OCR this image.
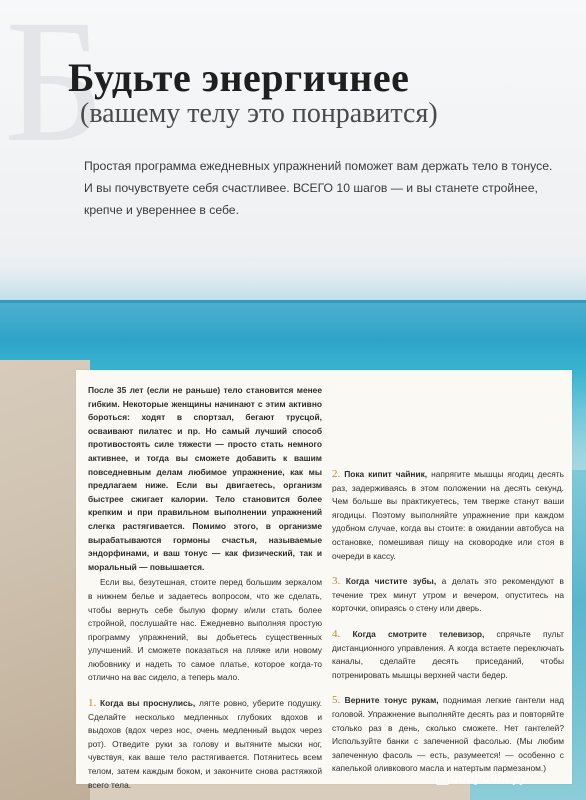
Б
Будьте энергичнее
(вашему телу это понравится)
Простая программа ежедневных упражнений поможет вам держать тело в тонусе.
И вы почувствуете себя счастливее. ВСЕГО 10 шагов — и вы станете стройнее,
крепче и увереннее в себе.

После 35 лет (если не раньше) тело становится менее гибким. Некоторые женщины начинают с этим активно бороться: ходят в спортзал, бегают трусцой, осваивают пилатес и пр. Но самый лучший способ противостоять силе тяжести — просто стать немного активнее, и тогда вы сможете добавить к вашим повседневным делам любимое упражнение, как мы предлагаем ниже. Если вы двигаетесь, организм быстрее сжигает калории. Тело становится более крепким и при правильном выполнении упражнений слегка растягивается. Помимо этого, в организме вырабатываются гормоны счастья, называемые эндорфинами, и ваш тонус — как физический, так и моральный — повышается.

Если вы, безутешная, стоите перед большим зеркалом в нижнем белье и задаетесь вопросом, что же сделать, чтобы вернуть себе былую форму и/или стать более стройной, послушайте нас. Ежедневно выполняя простую программу упражнений, вы добьетесь существенных улучшений. И сможете показаться на пляже или новому любовнику и надеть то самое платье, которое когда-то отлично на вас сидело, а теперь мало.

1. Когда вы проснулись, лягте ровно, уберите подушку. Сделайте несколько медленных глубоких вдохов и выдохов (вдох через нос, очень медленный выдох через рот). Отведите руки за голову и вытяните мыски ног, чувствуя, как ваше тело растягивается. Потянитесь всем телом, затем каждым боком, и закончите снова растяжкой всего тела.

2. Пока кипит чайник, напрягите мышцы ягодиц десять раз, задерживаясь в этом положении на десять секунд. Чем больше вы практикуетесь, тем тверже станут ваши ягодицы. Поэтому выполняйте упражнение при каждом удобном случае, когда вы стоите: в ожидании автобуса на остановке, помешивая пищу на сковородке или стоя в очереди в кассу.

3. Когда чистите зубы, а делать это рекомендуют в течение трех минут утром и вечером, опуститесь на корточки, опираясь о стену или дверь.

4. Когда смотрите телевизор, спрячьте пульт дистанционного управления. А когда встаете переключать каналы, сделайте десять приседаний, чтобы потренировать мышцы верхней части бедер.

5. Верните тонус рукам, поднимая легкие гантели над головой. Упражнение выполняйте десять раз и повторяйте столько раз в день, сколько сможете. Нет гантелей? Используйте банки с запеченной фасолью. (Мы любим запеченную фасоль — есть, разумеется! — особенно с капелькой оливкового масла и натертым пармезаном.)

Л абиринт.ру
